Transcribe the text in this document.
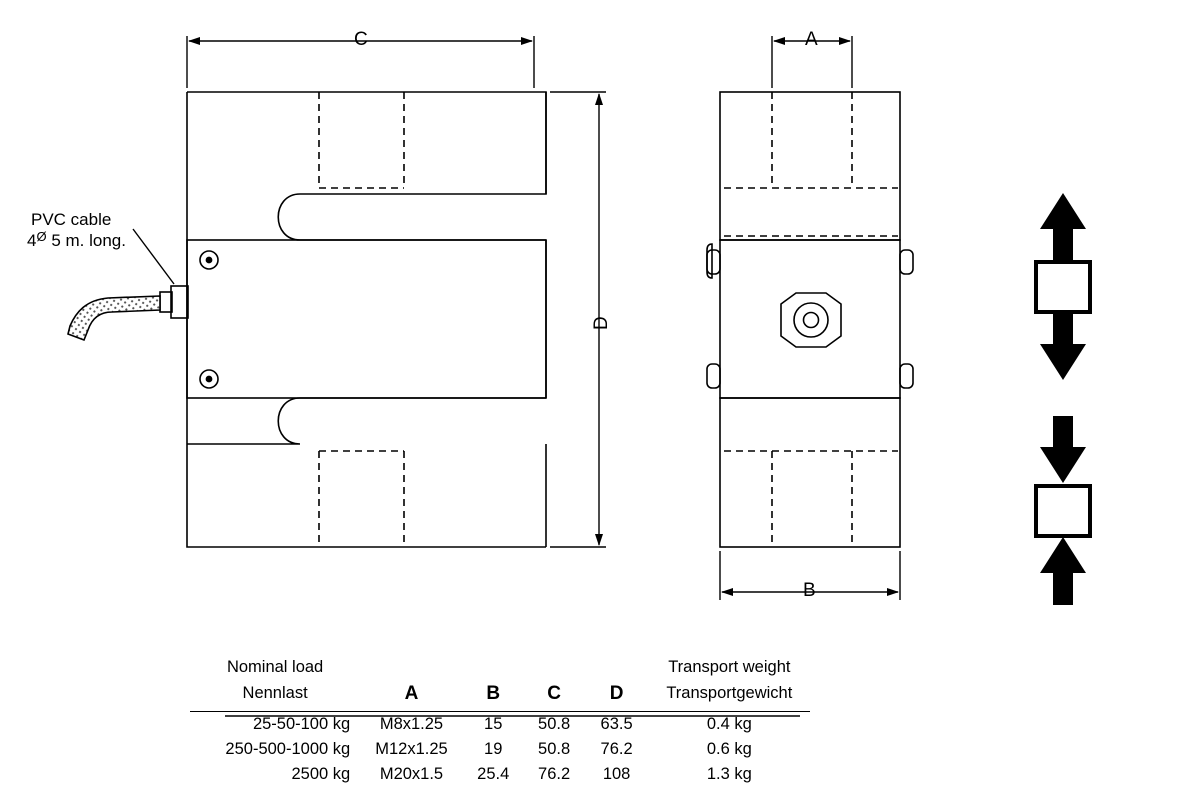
PVC cable
$4^Ø$ 5 m. long.
C
D
A
B
Nominal load	A	B	C	D	Transport weight
Nennlast					Transportgewicht

25-50-100 kg	M8x1.25	15	50.8	63.5	0.4 kg
250-500-1000 kg	M12x1.25	19	50.8	76.2	0.6 kg
2500 kg	M20x1.5	25.4	76.2	108	1.3 kg
